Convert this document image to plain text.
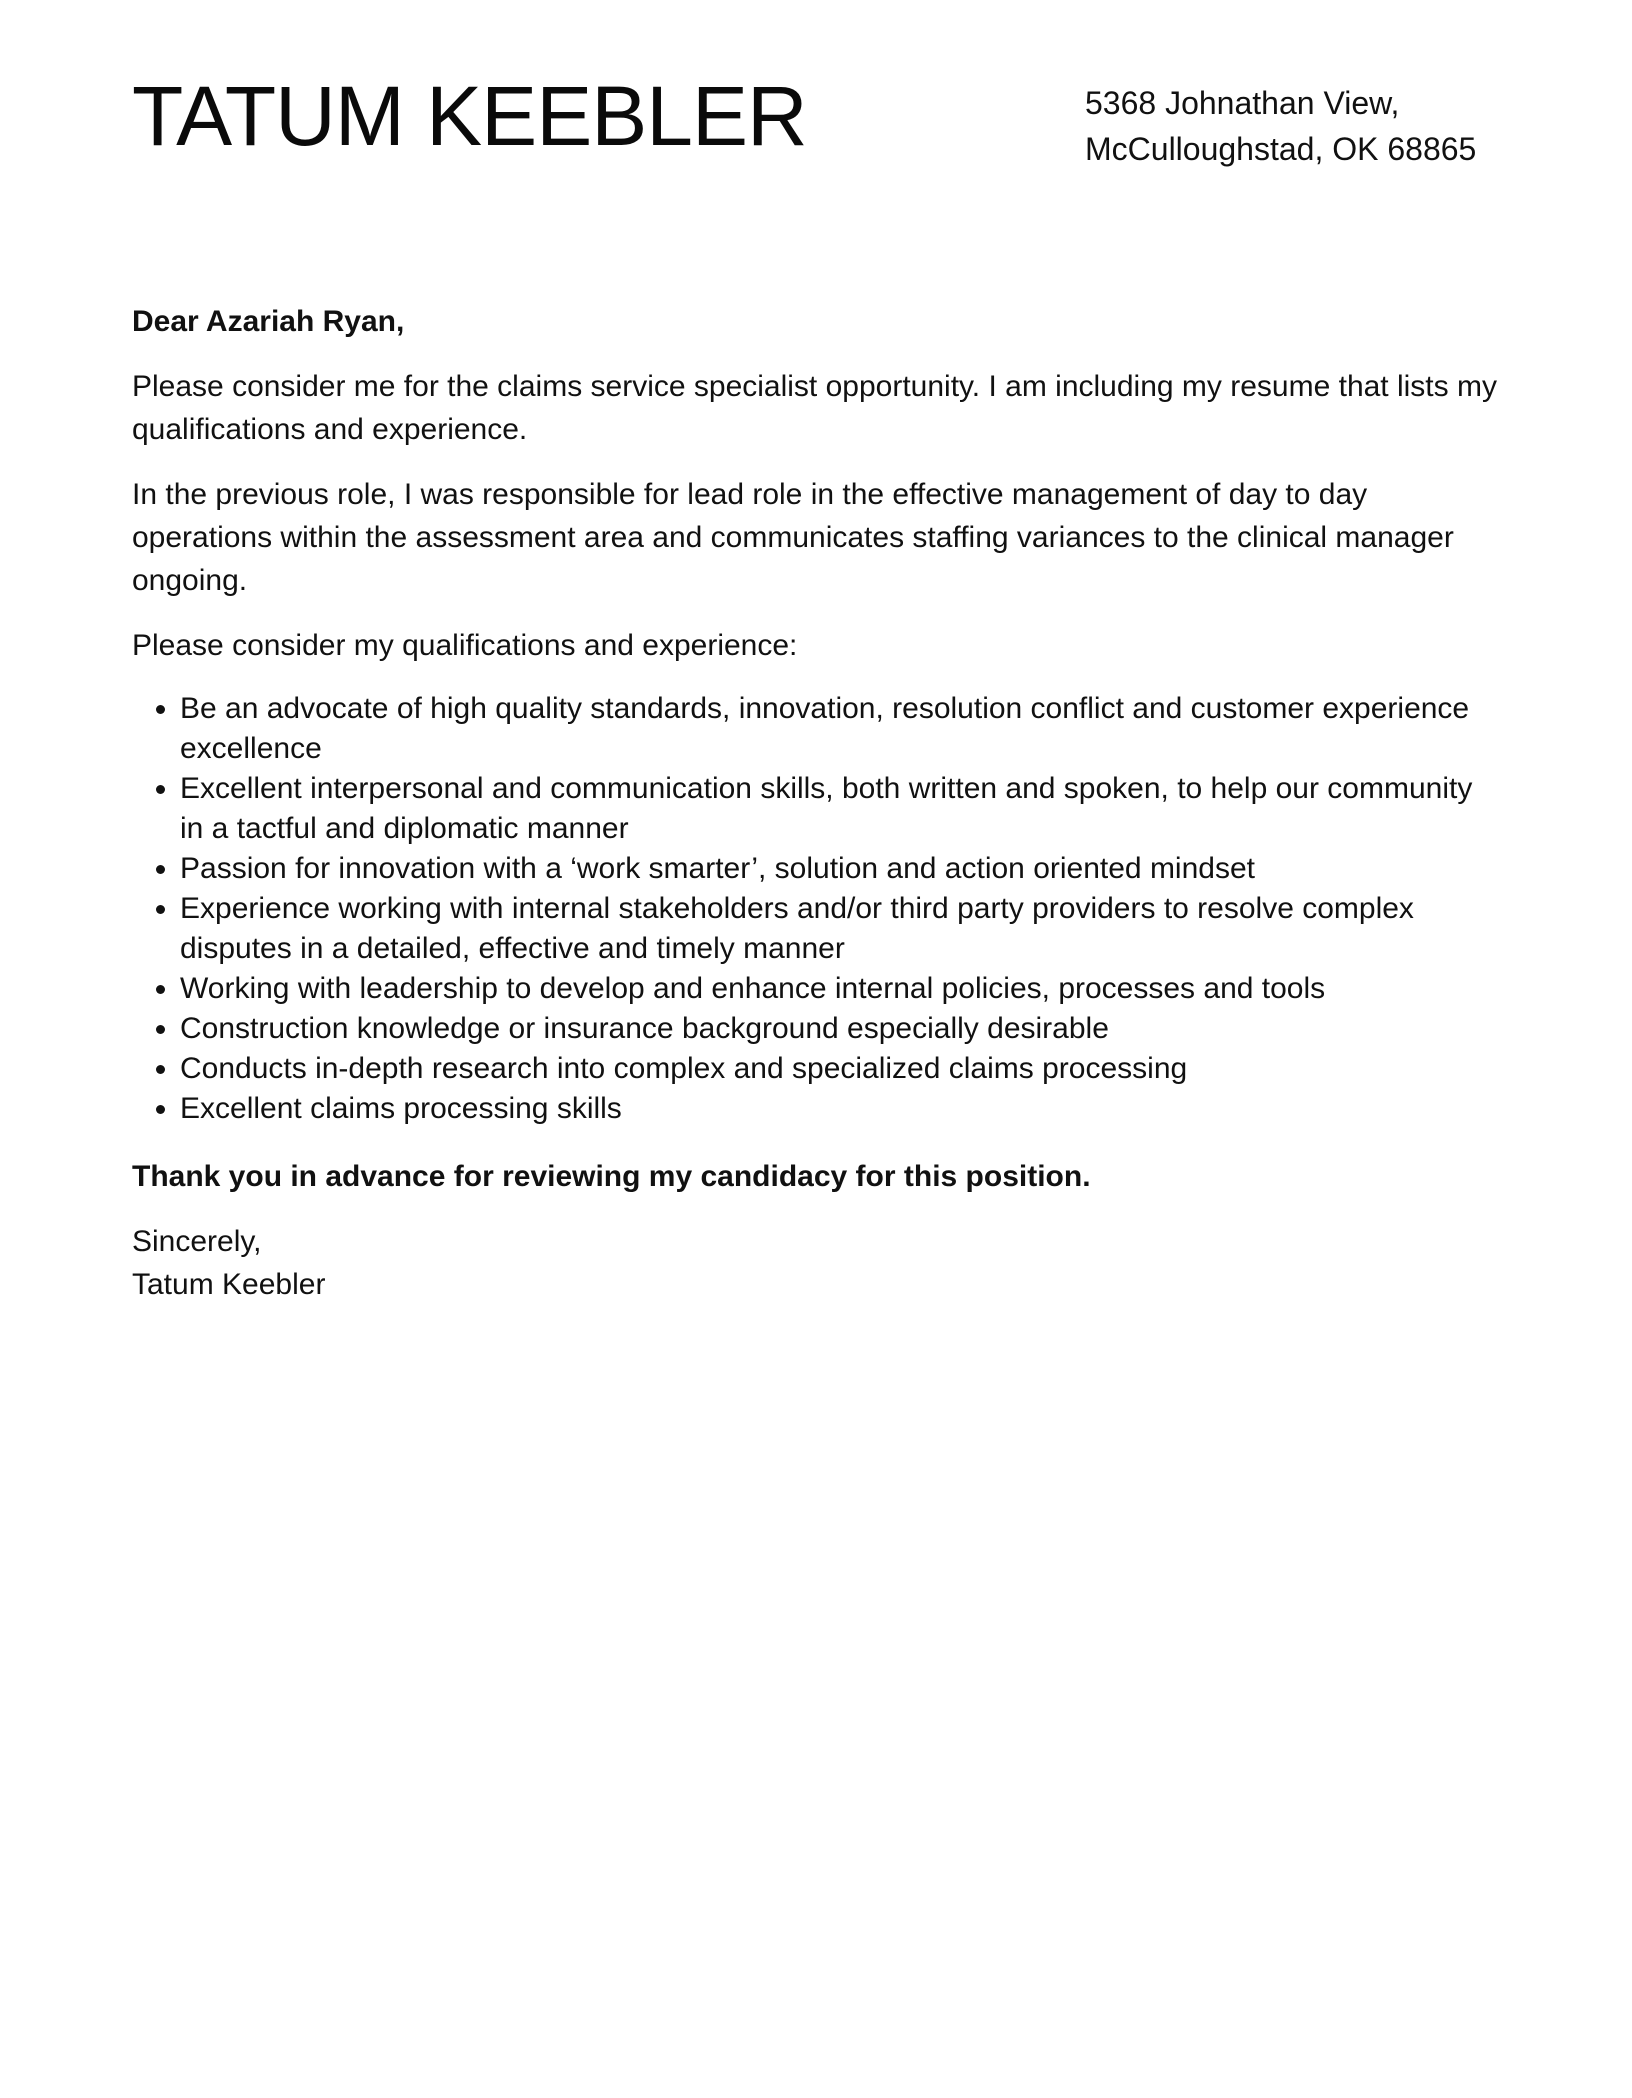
TATUM KEEBLER	5368 Johnathan View,
McCulloughstad, OK 68865

Dear Azariah Ryan,

Please consider me for the claims service specialist opportunity. I am including my resume that lists my qualifications and experience.

In the previous role, I was responsible for lead role in the effective management of day to day operations within the assessment area and communicates staffing variances to the clinical manager ongoing.

Please consider my qualifications and experience:

• Be an advocate of high quality standards, innovation, resolution conflict and customer experience excellence
• Excellent interpersonal and communication skills, both written and spoken, to help our community in a tactful and diplomatic manner
• Passion for innovation with a ‘work smarter’, solution and action oriented mindset
• Experience working with internal stakeholders and/or third party providers to resolve complex disputes in a detailed, effective and timely manner
• Working with leadership to develop and enhance internal policies, processes and tools
• Construction knowledge or insurance background especially desirable
• Conducts in-depth research into complex and specialized claims processing
• Excellent claims processing skills

Thank you in advance for reviewing my candidacy for this position.

Sincerely,
Tatum Keebler
